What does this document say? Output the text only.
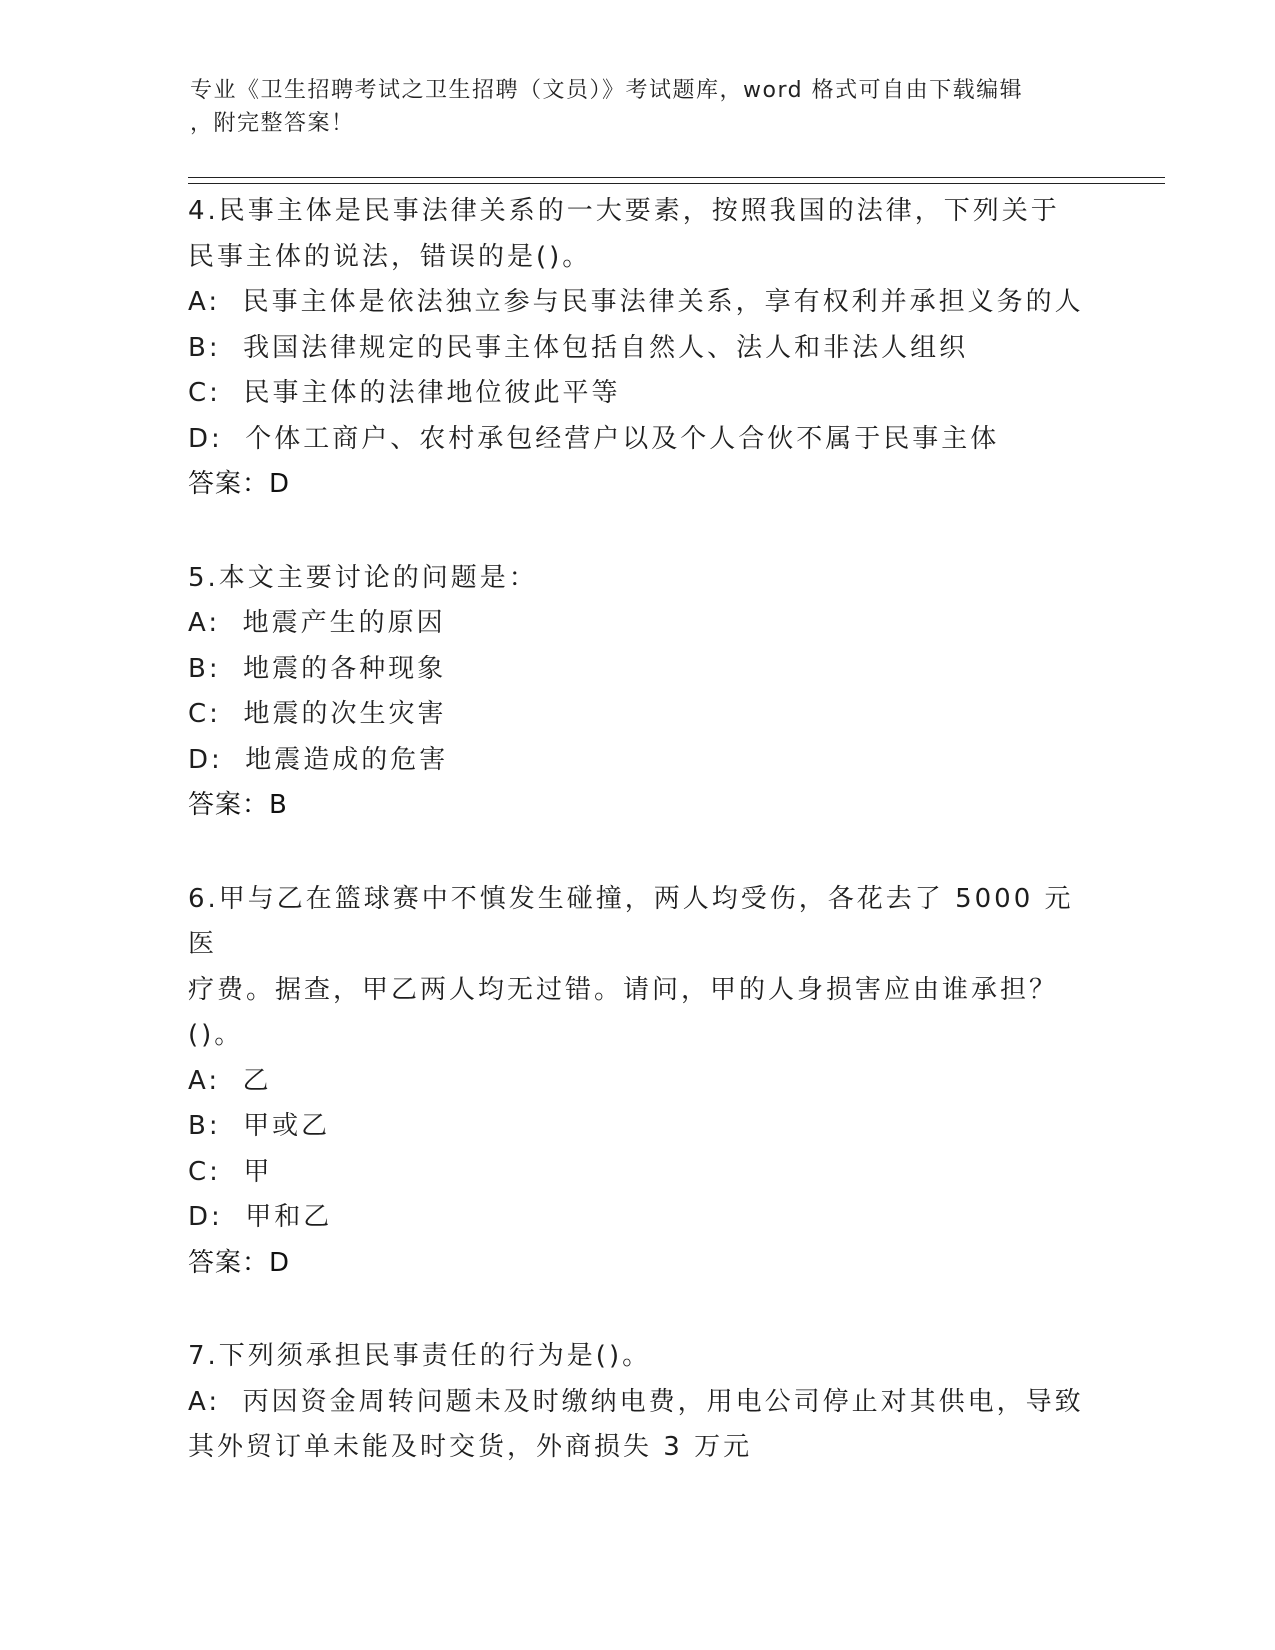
专业《卫生招聘考试之卫生招聘（文员）》考试题库，word 格式可自由下载编辑
，附完整答案！
4.民事主体是民事法律关系的一大要素，按照我国的法律，下列关于
民事主体的说法，错误的是()。
A:  民事主体是依法独立参与民事法律关系，享有权利并承担义务的人
B:  我国法律规定的民事主体包括自然人、法人和非法人组织
C:  民事主体的法律地位彼此平等
D:  个体工商户、农村承包经营户以及个人合伙不属于民事主体
答案：D
5.本文主要讨论的问题是：
A:  地震产生的原因
B:  地震的各种现象
C:  地震的次生灾害
D:  地震造成的危害
答案：B
6.甲与乙在篮球赛中不慎发生碰撞，两人均受伤，各花去了 5000 元医
疗费。据查，甲乙两人均无过错。请问，甲的人身损害应由谁承担？
()。
A:  乙
B:  甲或乙
C:  甲
D:  甲和乙
答案：D
7.下列须承担民事责任的行为是()。
A:  丙因资金周转问题未及时缴纳电费，用电公司停止对其供电，导致
其外贸订单未能及时交货，外商损失 3 万元
